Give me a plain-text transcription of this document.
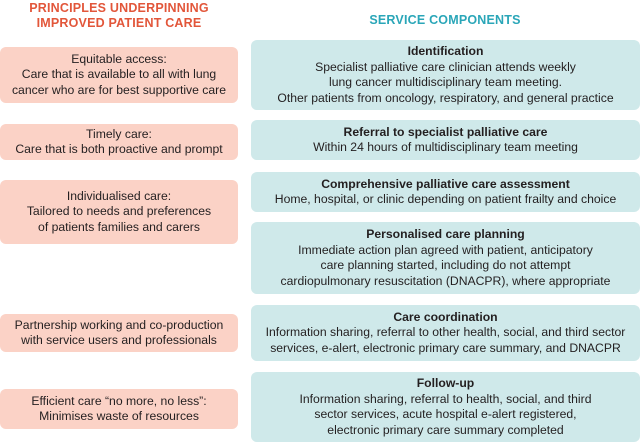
PRINCIPLES UNDERPINNING
IMPROVED PATIENT CARE	SERVICE COMPONENTS
Equitable access:
Care that is available to all with lung
cancer who are for best supportive care
Timely care:
Care that is both proactive and prompt
Individualised care:
Tailored to needs and preferences
of patients families and carers
Partnership working and co-production
with service users and professionals
Efficient care “no more, no less”:
Minimises waste of resources
Identification
Specialist palliative care clinician attends weekly
lung cancer multidisciplinary team meeting.
Other patients from oncology, respiratory, and general practice
Referral to specialist palliative care
Within 24 hours of multidisciplinary team meeting
Comprehensive palliative care assessment
Home, hospital, or clinic depending on patient frailty and choice
Personalised care planning
Immediate action plan agreed with patient, anticipatory
care planning started, including do not attempt
cardiopulmonary resuscitation (DNACPR), where appropriate
Care coordination
Information sharing, referral to other health, social, and third sector
services, e-alert, electronic primary care summary, and DNACPR
Follow-up
Information sharing, referral to health, social, and third
sector services, acute hospital e-alert registered,
electronic primary care summary completed
